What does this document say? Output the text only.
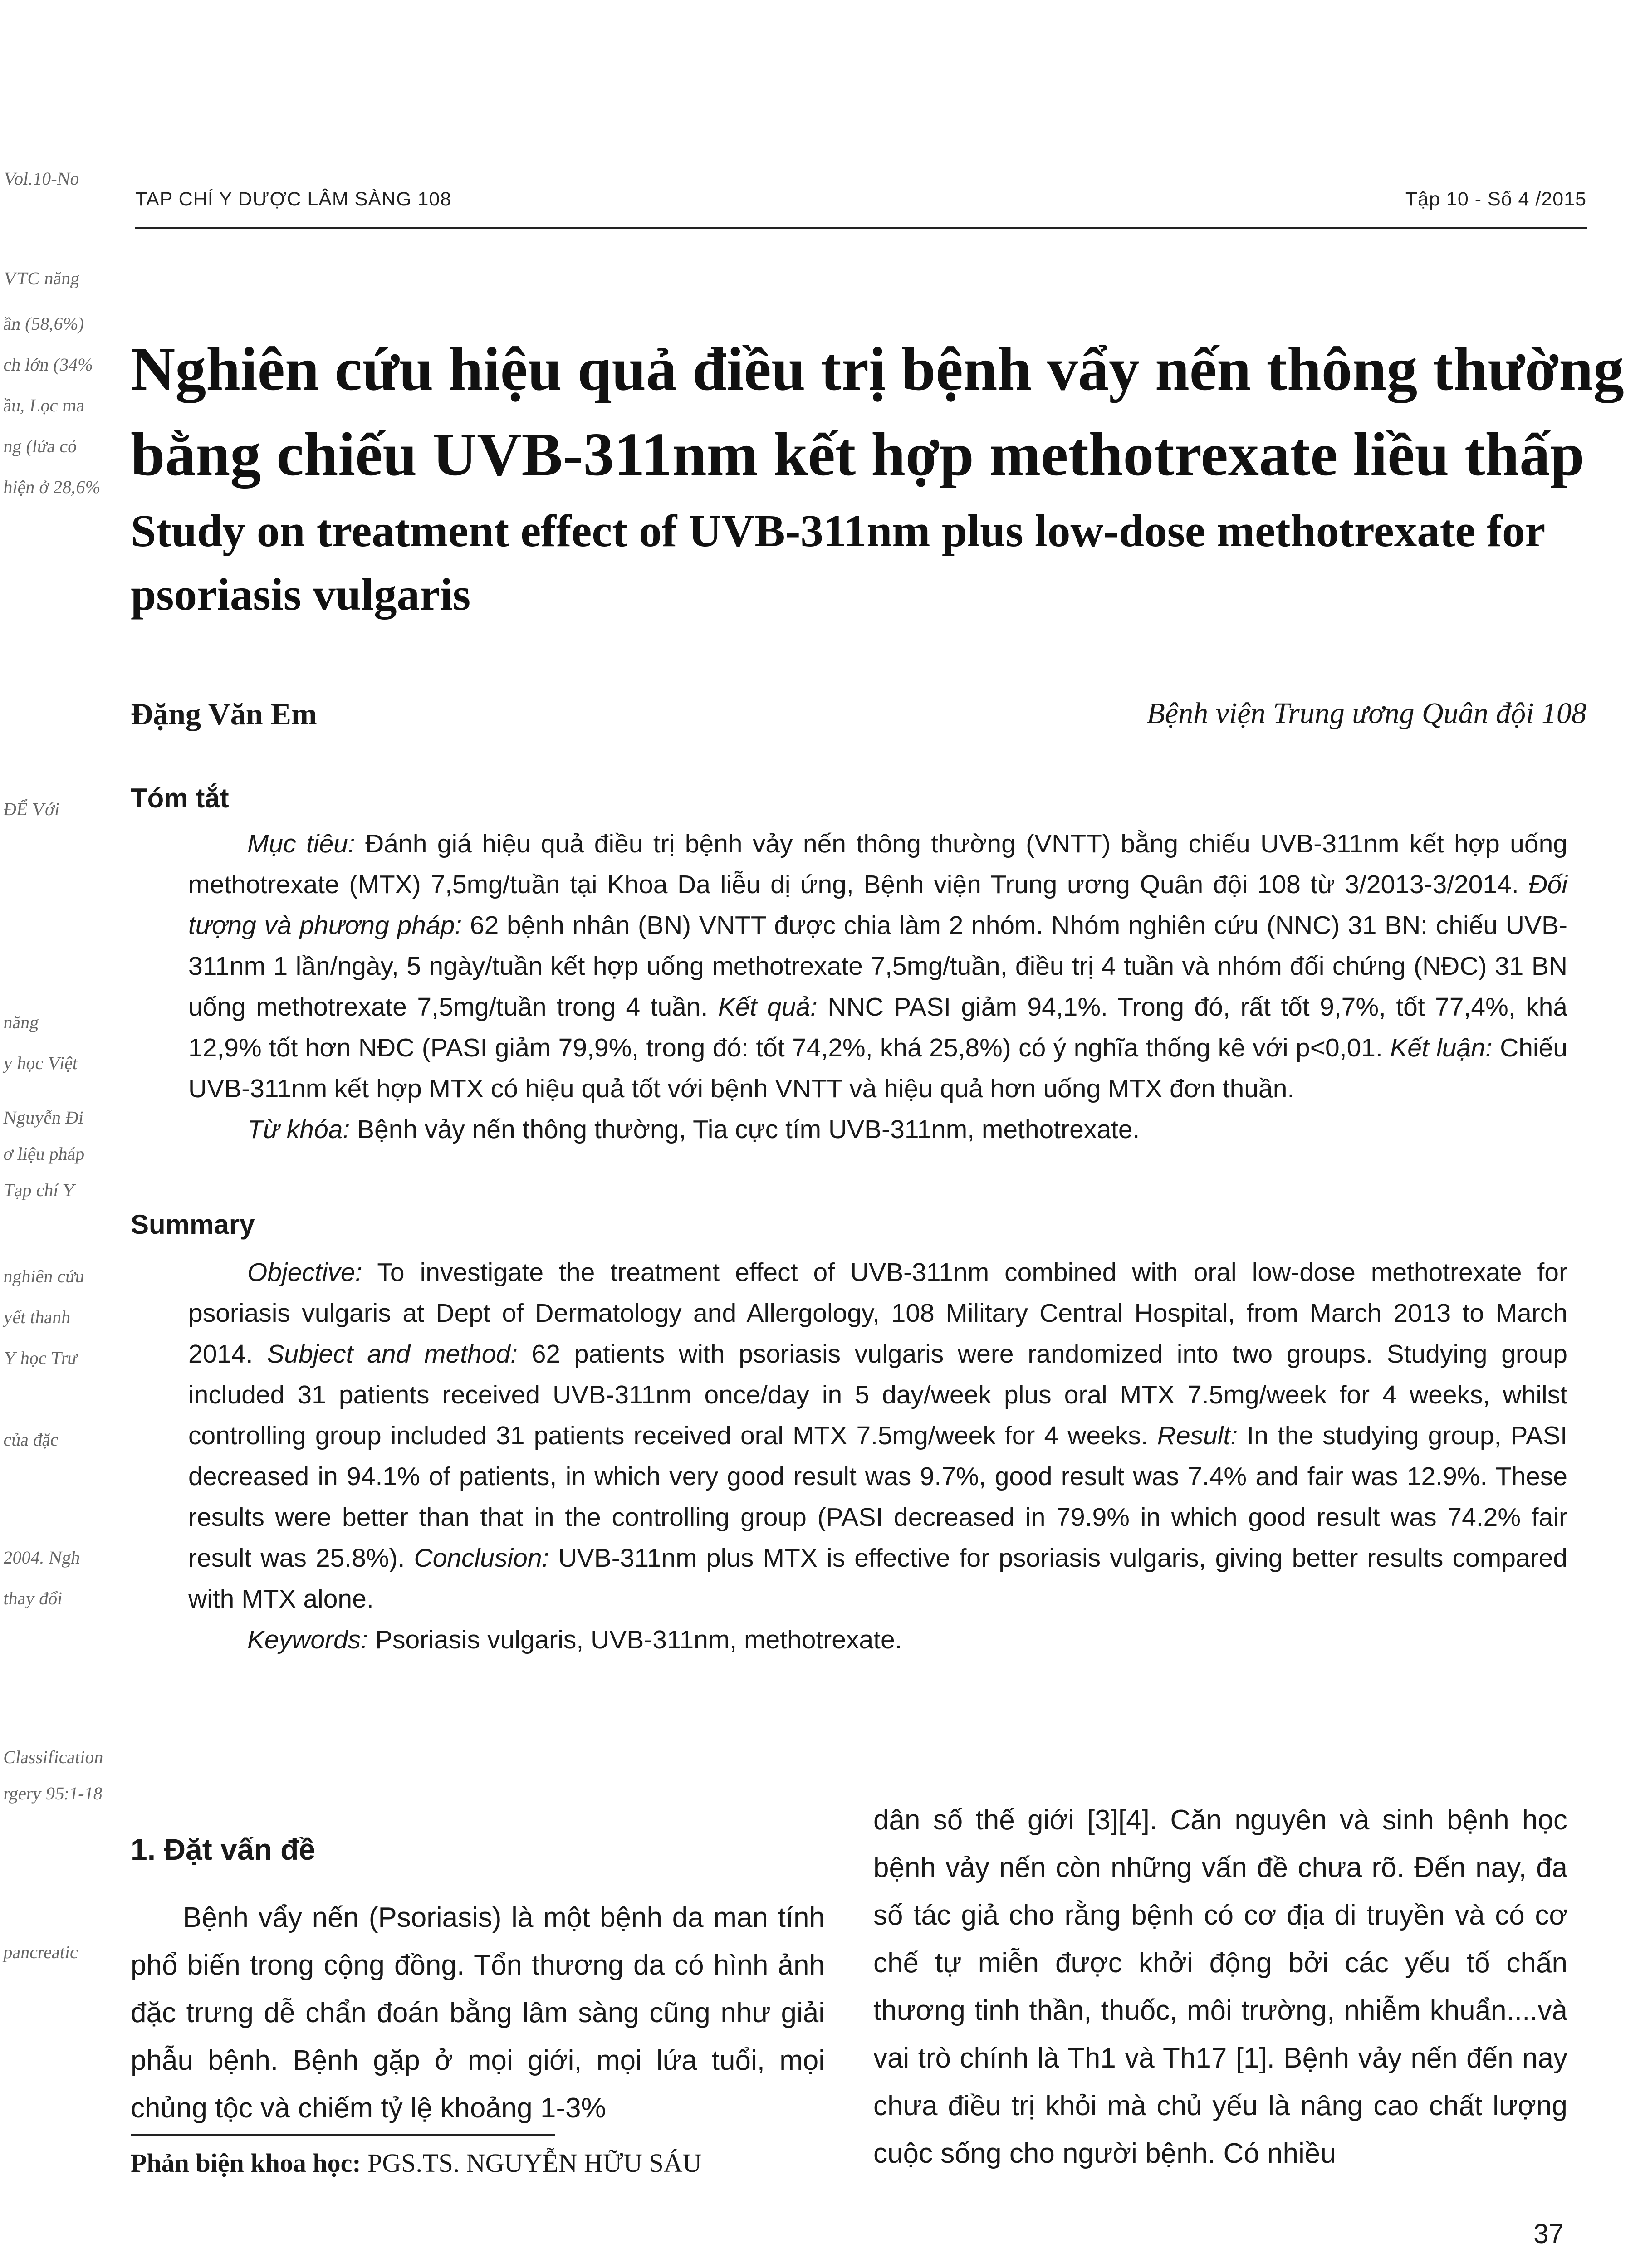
Vol.10-No
VTC năng
ần (58,6%)
ch lớn (34%
ầu, Lọc ma
ng (lứa cỏ
hiện ở 28,6%
ĐỂ Với
năng
y học Việt
Nguyễn Đi
ơ liệu pháp
Tạp chí Y
nghiên cứu
yết thanh
Y học Trư
của đặc
2004. Ngh
thay đổi
Classification
rgery 95:1-18
pancreatic
TAP CHÍ Y DƯỢC LÂM SÀNG 108	Tập 10 - Số 4 /2015
Nghiên cứu hiệu quả điều trị bệnh vẩy nến thông thường
bằng chiếu UVB-311nm kết hợp methotrexate liều thấp
Study on treatment effect of UVB-311nm plus low-dose methotrexate for
psoriasis vulgaris
Đặng Văn Em	Bệnh viện Trung ương Quân đội 108
Tóm tắt

Mục tiêu: Đánh giá hiệu quả điều trị bệnh vảy nến thông thường (VNTT) bằng chiếu UVB-311nm kết hợp uống methotrexate (MTX) 7,5mg/tuần tại Khoa Da liễu dị ứng, Bệnh viện Trung ương Quân đội 108 từ 3/2013-3/2014. Đối tượng và phương pháp: 62 bệnh nhân (BN) VNTT được chia làm 2 nhóm. Nhóm nghiên cứu (NNC) 31 BN: chiếu UVB-311nm 1 lần/ngày, 5 ngày/tuần kết hợp uống methotrexate 7,5mg/tuần, điều trị 4 tuần và nhóm đối chứng (NĐC) 31 BN uống methotrexate 7,5mg/tuần trong 4 tuần. Kết quả: NNC PASI giảm 94,1%. Trong đó, rất tốt 9,7%, tốt 77,4%, khá 12,9% tốt hơn NĐC (PASI giảm 79,9%, trong đó: tốt 74,2%, khá 25,8%) có ý nghĩa thống kê với p<0,01. Kết luận: Chiếu UVB-311nm kết hợp MTX có hiệu quả tốt với bệnh VNTT và hiệu quả hơn uống MTX đơn thuần.

Từ khóa: Bệnh vảy nến thông thường, Tia cực tím UVB-311nm, methotrexate.

Summary

Objective: To investigate the treatment effect of UVB-311nm combined with oral low-dose methotrexate for psoriasis vulgaris at Dept of Dermatology and Allergology, 108 Military Central Hospital, from March 2013 to March 2014. Subject and method: 62 patients with psoriasis vulgaris were randomized into two groups. Studying group included 31 patients received UVB-311nm once/day in 5 day/week plus oral MTX 7.5mg/week for 4 weeks, whilst controlling group included 31 patients received oral MTX 7.5mg/week for 4 weeks. Result: In the studying group, PASI decreased in 94.1% of patients, in which very good result was 9.7%, good result was 7.4% and fair was 12.9%. These results were better than that in the controlling group (PASI decreased in 79.9% in which good result was 74.2% fair result was 25.8%). Conclusion: UVB-311nm plus MTX is effective for psoriasis vulgaris, giving better results compared with MTX alone.

Keywords: Psoriasis vulgaris, UVB-311nm, methotrexate.

1. Đặt vấn đề

Bệnh vẩy nến (Psoriasis) là một bệnh da man tính phổ biến trong cộng đồng. Tổn thương da có hình ảnh đặc trưng dễ chẩn đoán bằng lâm sàng cũng như giải phẫu bệnh. Bệnh gặp ở mọi giới, mọi lứa tuổi, mọi chủng tộc và chiếm tỷ lệ khoảng 1-3%

dân số thế giới [3][4]. Căn nguyên và sinh bệnh học bệnh vảy nến còn những vấn đề chưa rõ. Đến nay, đa số tác giả cho rằng bệnh có cơ địa di truyền và có cơ chế tự miễn được khởi động bởi các yếu tố chấn thương tinh thần, thuốc, môi trường, nhiễm khuẩn....và vai trò chính là Th1 và Th17 [1]. Bệnh vảy nến đến nay chưa điều trị khỏi mà chủ yếu là nâng cao chất lượng cuộc sống cho người bệnh. Có nhiều

Phản biện khoa học: PGS.TS. NGUYỄN HỮU SÁU
37
